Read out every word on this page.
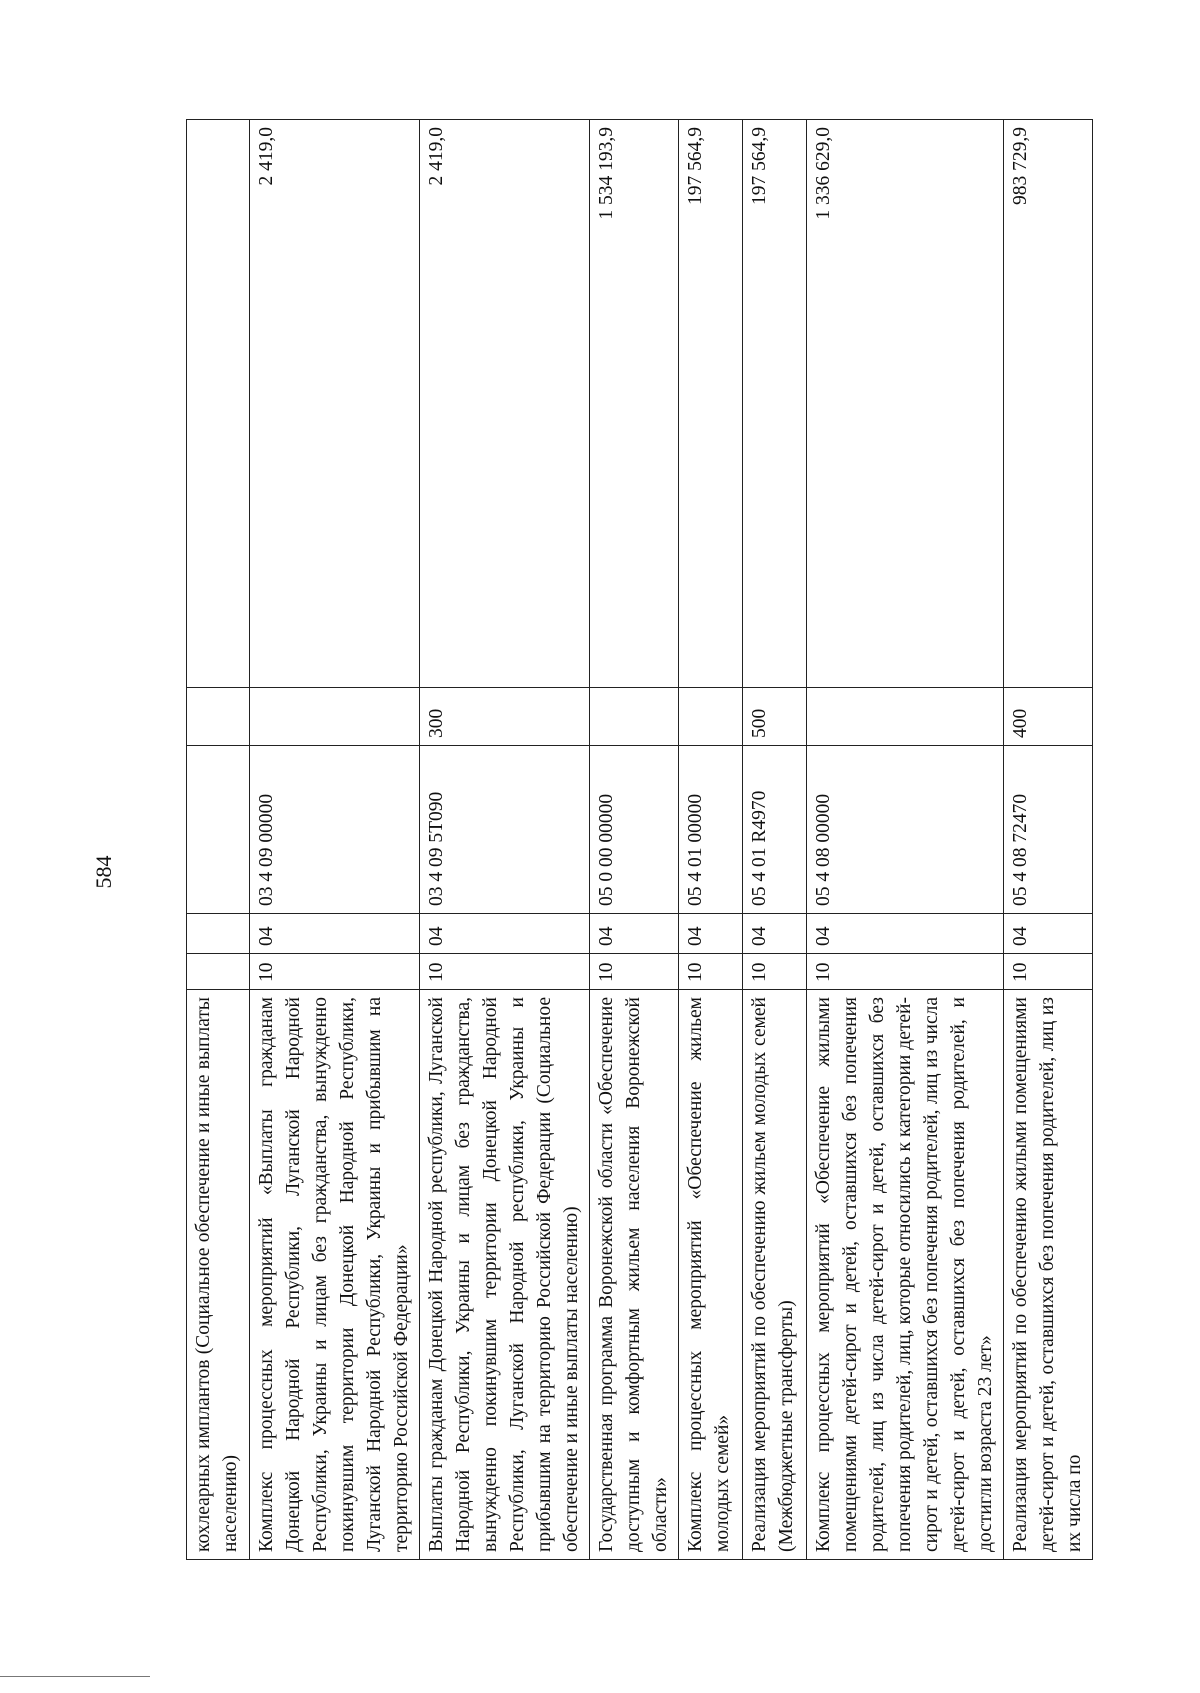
584
кохлеарных имплантов (Социальное обеспечение и иные выплаты населению)					
Комплекс процессных мероприятий «Выплаты гражданам Донецкой Народной Республики, Луганской Народной Республики, Украины и лицам без гражданства, вынужденно покинувшим территории Донецкой Народной Республики, Луганской Народной Республики, Украины и прибывшим на территорию Российской Федерации»	10	04	03 4 09 00000		2 419,0
Выплаты гражданам Донецкой Народной республики, Луганской Народной Республики, Украины и лицам без гражданства, вынужденно покинувшим территории Донецкой Народной Республики, Луганской Народной республики, Украины и прибывшим на территорию Российской Федерации (Социальное обеспечение и иные выплаты населению)	10	04	03 4 09 5Т090	300	2 419,0
Государственная программа Воронежской области «Обеспечение доступным и комфортным жильем населения Воронежской области»	10	04	05 0 00 00000		1 534 193,9
Комплекс процессных мероприятий «Обеспечение жильем молодых семей»	10	04	05 4 01 00000		197 564,9
Реализация мероприятий по обеспечению жильем молодых семей (Межбюджетные трансферты)	10	04	05 4 01 R4970	500	197 564,9
Комплекс процессных мероприятий «Обеспечение жилыми помещениями детей-сирот и детей, оставшихся без попечения родителей, лиц из числа детей-сирот и детей, оставшихся без попечения родителей, лиц, которые относились к категории детей-сирот и детей, оставшихся без попечения родителей, лиц из числа детей-сирот и детей, оставшихся без попечения родителей, и достигли возраста 23 лет»	10	04	05 4 08 00000		1 336 629,0
Реализация мероприятий по обеспечению жилыми помещениями детей-сирот и детей, оставшихся без попечения родителей, лиц из их числа по	10	04	05 4 08 72470	400	983 729,9
